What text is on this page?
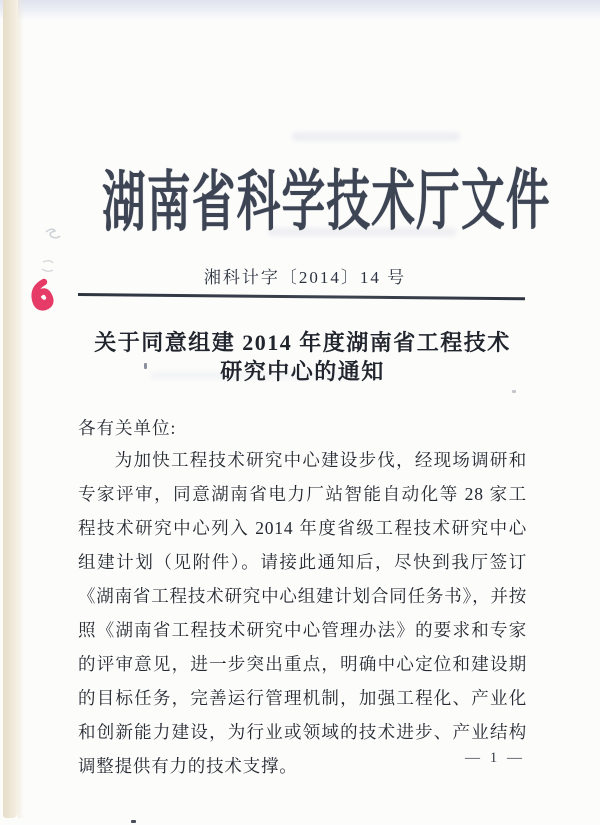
湖南省科学技术厅文件
湘科计字〔2014〕14 号
关于同意组建 2014 年度湖南省工程技术
研究中心的通知
各有关单位:
为加快工程技术研究中心建设步伐，经现场调研和专家评审，同意湖南省电力厂站智能自动化等 28 家工程技术研究中心列入 2014 年度省级工程技术研究中心组建计划（见附件）。请接此通知后，尽快到我厅签订《湖南省工程技术研究中心组建计划合同任务书》，并按照《湖南省工程技术研究中心管理办法》的要求和专家的评审意见，进一步突出重点，明确中心定位和建设期的目标任务，完善运行管理机制，加强工程化、产业化和创新能力建设，为行业或领域的技术进步、产业结构调整提供有力的技术支撑。	— 1 —
